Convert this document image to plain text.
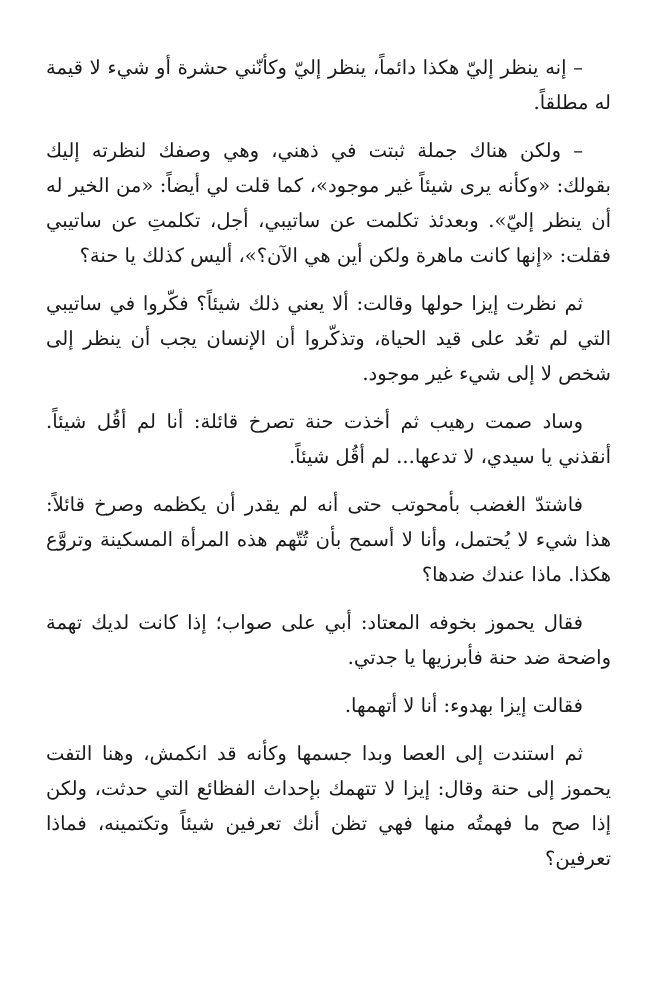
– إنه ينظر إليّ هكذا دائماً، ينظر إليّ وكأنّني حشرة أو شيء لا قيمة له مطلقاً.

– ولكن هناك جملة ثبتت في ذهني، وهي وصفك لنظرته إليك بقولك: «وكأنه يرى شيئاً غير موجود»، كما قلت لي أيضاً: «من الخير له أن ينظر إليّ». وبعدئذ تكلمت عن ساتيبي، أجل، تكلمتِ عن ساتيبي فقلت: «إنها كانت ماهرة ولكن أين هي الآن؟»، أليس كذلك يا حنة؟

ثم نظرت إيزا حولها وقالت: ألا يعني ذلك شيئاً؟ فكّروا في ساتيبي التي لم تعُد على قيد الحياة، وتذكّروا أن الإنسان يجب أن ينظر إلى شخص لا إلى شيء غير موجود.

وساد صمت رهيب ثم أخذت حنة تصرخ قائلة: أنا لم أقُل شيئاً. أنقذني يا سيدي، لا تدعها... لم أقُل شيئاً.

فاشتدّ الغضب بأمحوتب حتى أنه لم يقدر أن يكظمه وصرخ قائلاً: هذا شيء لا يُحتمل، وأنا لا أسمح بأن تُتّهم هذه المرأة المسكينة وتروَّع هكذا. ماذا عندك ضدها؟

فقال يحموز بخوفه المعتاد: أبي على صواب؛ إذا كانت لديك تهمة واضحة ضد حنة فأبرزيها يا جدتي.

فقالت إيزا بهدوء: أنا لا أتهمها.

ثم استندت إلى العصا وبدا جسمها وكأنه قد انكمش، وهنا التفت يحموز إلى حنة وقال: إيزا لا تتهمك بإحداث الفظائع التي حدثت، ولكن إذا صح ما فهمتُه منها فهي تظن أنك تعرفين شيئاً وتكتمينه، فماذا تعرفين؟
